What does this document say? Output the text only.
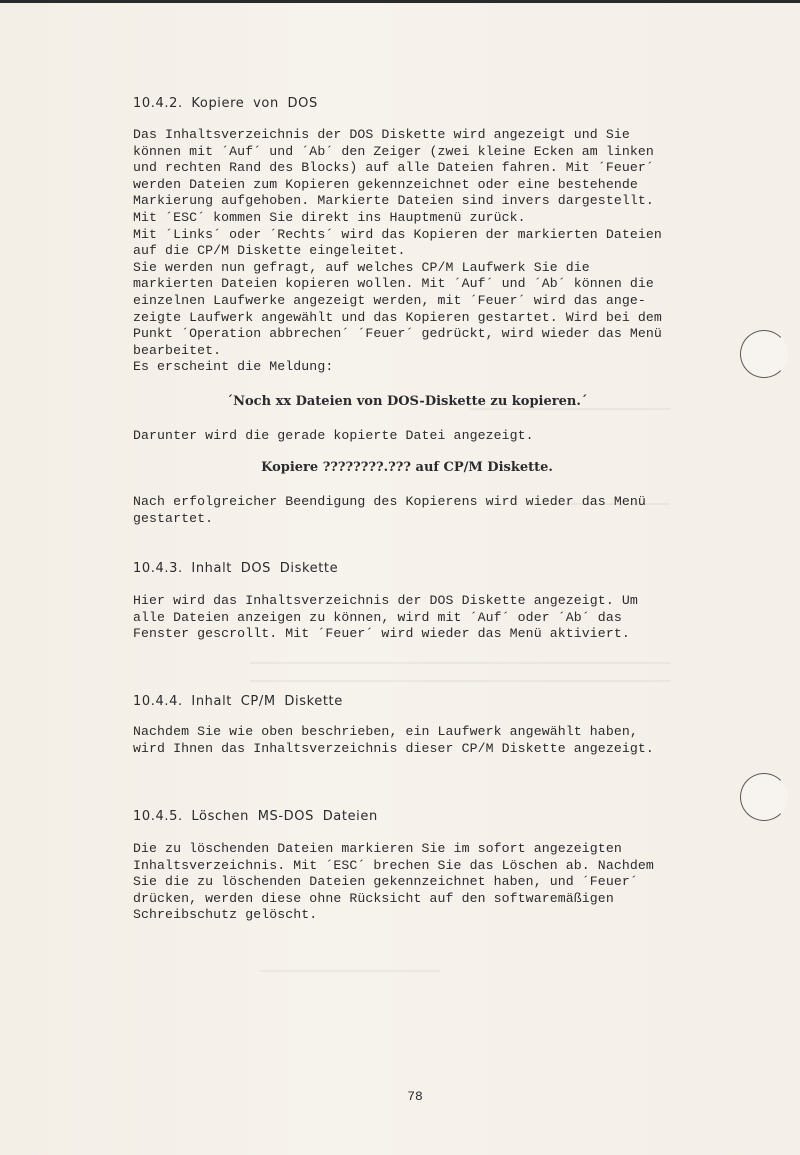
10.4.2. Kopiere von DOS

Das Inhaltsverzeichnis der DOS Diskette wird angezeigt und Sie
können mit ´Auf´ und ´Ab´ den Zeiger (zwei kleine Ecken am linken
und rechten Rand des Blocks) auf alle Dateien fahren. Mit ´Feuer´
werden Dateien zum Kopieren gekennzeichnet oder eine bestehende
Markierung aufgehoben. Markierte Dateien sind invers dargestellt.
Mit ´ESC´ kommen Sie direkt ins Hauptmenü zurück.
Mit ´Links´ oder ´Rechts´ wird das Kopieren der markierten Dateien
auf die CP/M Diskette eingeleitet.
Sie werden nun gefragt, auf welches CP/M Laufwerk Sie die
markierten Dateien kopieren wollen. Mit ´Auf´ und ´Ab´ können die
einzelnen Laufwerke angezeigt werden, mit ´Feuer´ wird das ange-
zeigte Laufwerk angewählt und das Kopieren gestartet. Wird bei dem
Punkt ´Operation abbrechen´ ´Feuer´ gedrückt, wird wieder das Menü
bearbeitet.
Es erscheint die Meldung:

´Noch xx Dateien von DOS-Diskette zu kopieren.´

Darunter wird die gerade kopierte Datei angezeigt.

Kopiere ????????.??? auf CP/M Diskette.

Nach erfolgreicher Beendigung des Kopierens wird wieder das Menü
gestartet.

10.4.3. Inhalt DOS Diskette

Hier wird das Inhaltsverzeichnis der DOS Diskette angezeigt. Um
alle Dateien anzeigen zu können, wird mit ´Auf´ oder ´Ab´ das
Fenster gescrollt. Mit ´Feuer´ wird wieder das Menü aktiviert.

10.4.4. Inhalt CP/M Diskette

Nachdem Sie wie oben beschrieben, ein Laufwerk angewählt haben,
wird Ihnen das Inhaltsverzeichnis dieser CP/M Diskette angezeigt.

10.4.5. Löschen MS-DOS Dateien

Die zu löschenden Dateien markieren Sie im sofort angezeigten
Inhaltsverzeichnis. Mit ´ESC´ brechen Sie das Löschen ab. Nachdem
Sie die zu löschenden Dateien gekennzeichnet haben, und ´Feuer´
drücken, werden diese ohne Rücksicht auf den softwaremäßigen
Schreibschutz gelöscht.

78
